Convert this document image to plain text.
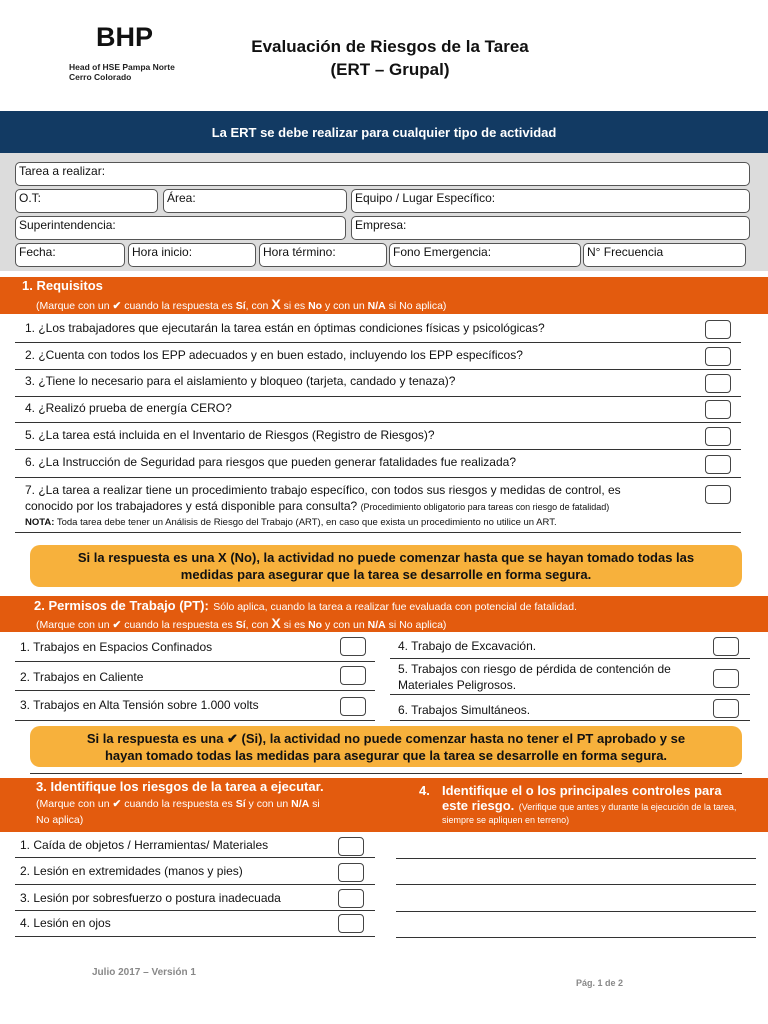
BHP
Head of HSE Pampa Norte
Cerro Colorado
Evaluación de Riesgos de la Tarea
(ERT – Grupal)
La ERT se debe realizar para cualquier tipo de actividad
Tarea a realizar:
O.T:	Área:	Equipo / Lugar Específico:
Superintendencia:	Empresa:
Fecha:	Hora inicio:	Hora término:	Fono Emergencia:	N° Frecuencia
1. Requisitos
(Marque con un ✔ cuando la respuesta es Sí, con X si es No y con un N/A si No aplica)
1. ¿Los trabajadores que ejecutarán la tarea están en óptimas condiciones físicas y psicológicas?
2. ¿Cuenta con todos los EPP adecuados y en buen estado, incluyendo los EPP específicos?
3. ¿Tiene lo necesario para el aislamiento y bloqueo (tarjeta, candado y tenaza)?
4. ¿Realizó prueba de energía CERO?
5. ¿La tarea está incluida en el Inventario de Riesgos (Registro de Riesgos)?
6. ¿La Instrucción de Seguridad para riesgos que pueden generar fatalidades fue realizada?
7. ¿La tarea a realizar tiene un procedimiento trabajo específico, con todos sus riesgos y medidas de control, es
conocido por los trabajadores y está disponible para consulta? (Procedimiento obligatorio para tareas con riesgo de fatalidad)
NOTA: Toda tarea debe tener un Análisis de Riesgo del Trabajo (ART), en caso que exista un procedimiento no utilice un ART.
Si la respuesta es una X (No), la actividad no puede comenzar hasta que se hayan tomado todas las
medidas para asegurar que la tarea se desarrolle en forma segura.
2. Permisos de Trabajo (PT): Sólo aplica, cuando la tarea a realizar fue evaluada con potencial de fatalidad.
(Marque con un ✔ cuando la respuesta es Sí, con X si es No y con un N/A si No aplica)
1. Trabajos en Espacios Confinados
2. Trabajos en Caliente
3. Trabajos en Alta Tensión sobre 1.000 volts
4. Trabajo de Excavación.
5. Trabajos con riesgo de pérdida de contención de
Materiales Peligrosos.
6. Trabajos Simultáneos.
Si la respuesta es una ✔ (Si), la actividad no puede comenzar hasta no tener el PT aprobado y se
hayan tomado todas las medidas para asegurar que la tarea se desarrolle en forma segura.
3. Identifique los riesgos de la tarea a ejecutar.
(Marque con un ✔ cuando la respuesta es Sí y con un N/A si
No aplica)
4. Identifique el o los principales controles para
este riesgo. (Verifique que antes y durante la ejecución de la tarea, siempre se apliquen en terreno)
1. Caída de objetos / Herramientas/ Materiales
2. Lesión en extremidades (manos y pies)
3. Lesión por sobresfuerzo o postura inadecuada
4. Lesión en ojos
Julio 2017 – Versión 1
Pág. 1 de 2
